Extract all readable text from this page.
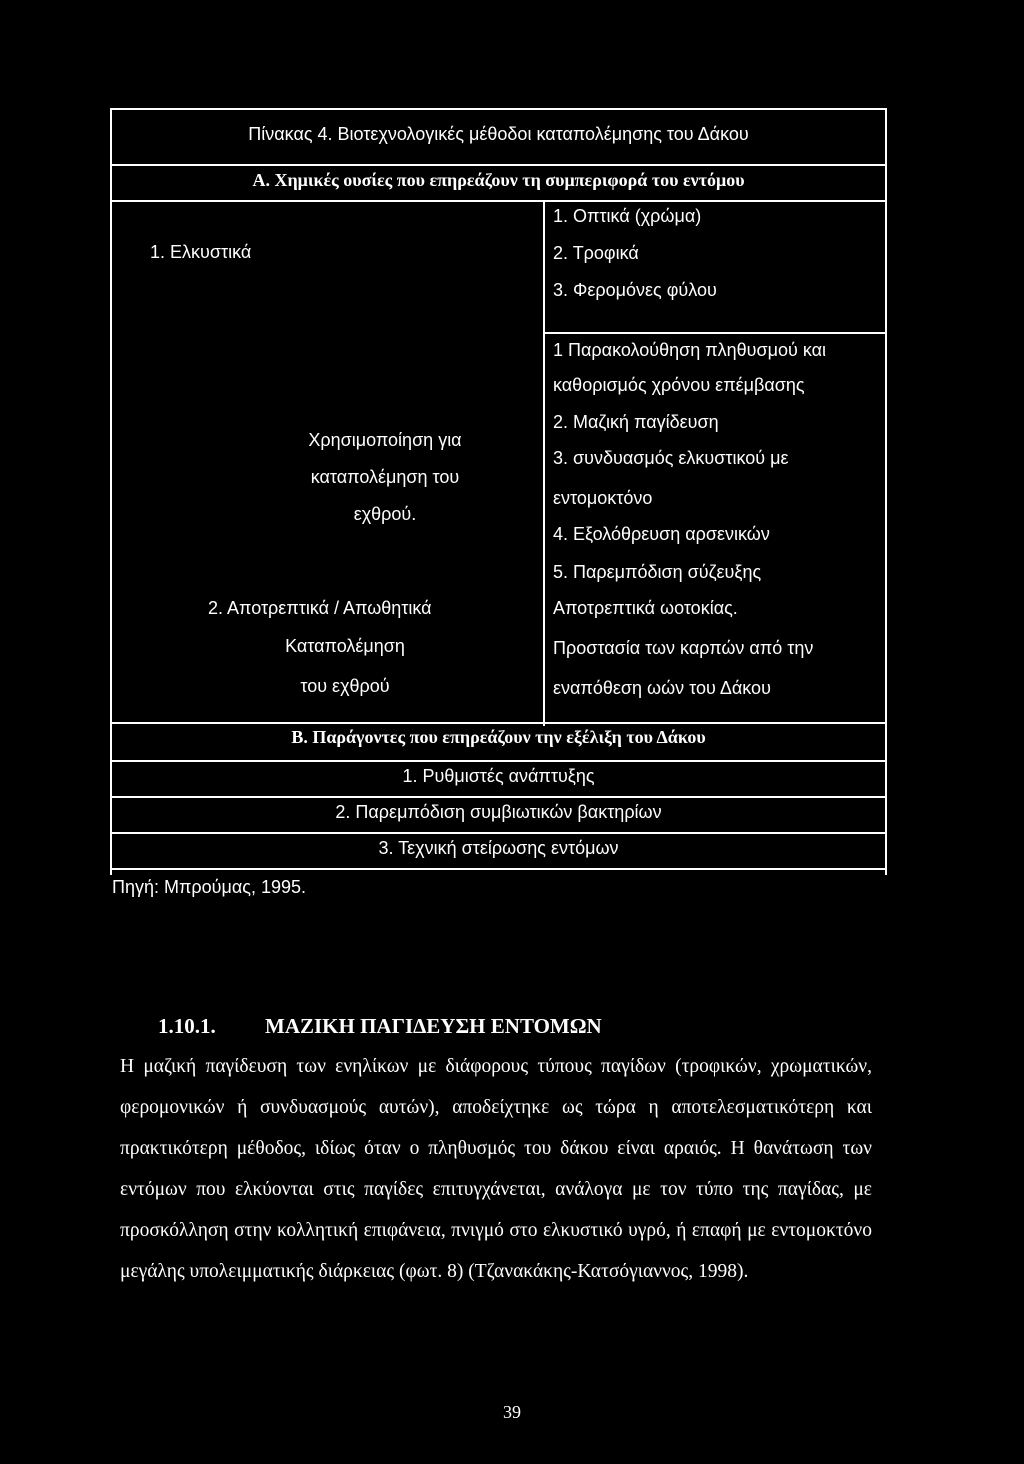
Πίνακας 4. Βιοτεχνολογικές μέθοδοι καταπολέμησης του Δάκου
Α. Χημικές ουσίες που επηρεάζουν τη συμπεριφορά του εντόμου
1. Ελκυστικά
1. Οπτικά (χρώμα)
2. Τροφικά
3. Φερομόνες φύλου
Χρησιμοποίηση για
καταπολέμηση του
εχθρού.
1 Παρακολούθηση πληθυσμού και
καθορισμός χρόνου επέμβασης
2. Μαζική παγίδευση
3. συνδυασμός ελκυστικού με
εντομοκτόνο
4. Εξολόθρευση αρσενικών
5. Παρεμπόδιση σύζευξης
2. Αποτρεπτικά / Απωθητικά	Αποτρεπτικά ωοτοκίας.
Καταπολέμηση
του εχθρού
Προστασία των καρπών από την
εναπόθεση ωών του Δάκου
Β. Παράγοντες που επηρεάζουν την εξέλιξη του Δάκου
1. Ρυθμιστές ανάπτυξης
2. Παρεμπόδιση συμβιωτικών βακτηρίων
3. Τεχνική στείρωσης εντόμων
Πηγή: Μπρούμας, 1995.
1.10.1. ΜΑΖΙΚΗ ΠΑΓΙΔΕΥΣΗ ΕΝΤΟΜΩΝ

Η μαζική παγίδευση των ενηλίκων με διάφορους τύπους παγίδων (τροφικών, χρωματικών, φερομονικών ή συνδυασμούς αυτών), αποδείχτηκε ως τώρα η αποτελεσματικότερη και πρακτικότερη μέθοδος, ιδίως όταν ο πληθυσμός του δάκου είναι αραιός. Η θανάτωση των εντόμων που ελκύονται στις παγίδες επιτυγχάνεται, ανάλογα με τον τύπο της παγίδας, με προσκόλληση στην κολλητική επιφάνεια, πνιγμό στο ελκυστικό υγρό, ή επαφή με εντομοκτόνο μεγάλης υπολειμματικής διάρκειας (φωτ. 8) (Τζανακάκης-Κατσόγιαννος, 1998).

39
